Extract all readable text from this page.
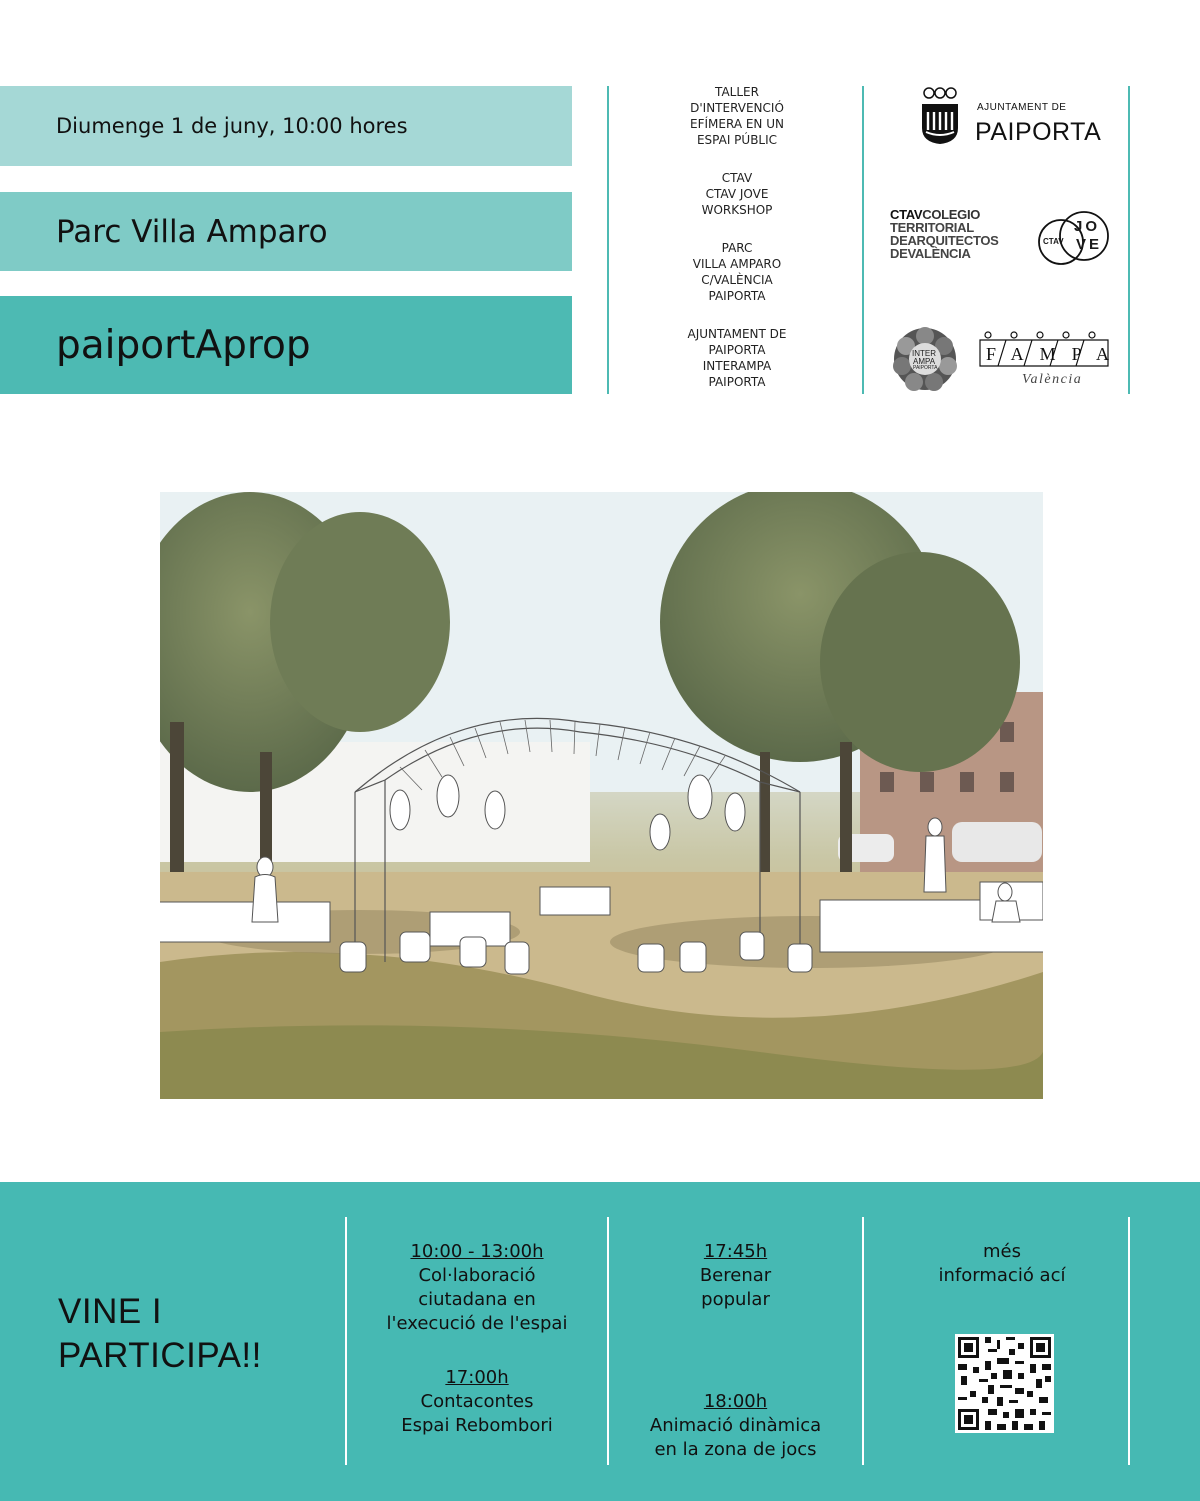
Diumenge 1 de juny, 10:00 hores
Parc Villa Amparo
paiportAprop
TALLER
D'INTERVENCIÓ
EFÍMERA EN UN
ESPAI PÚBLIC
CTAV
CTAV JOVE
WORKSHOP
PARC
VILLA AMPARO
C/VALÈNCIA
PAIPORTA
AJUNTAMENT DE
PAIPORTA
INTERAMPA
PAIPORTA
AJUNTAMENT DE
PAIPORTA
CTAVCOLEGIO
TERRITORIAL
DEARQUITECTOS
DEVALÈNCIA
CTAV
JO
VE
INTER
AMPA
PAIPORTA
FAMPA
València
VINE I
PARTICIPA!!
10:00 - 13:00h
Col·laboració
ciutadana en
l'execució de l'espai
17:00h
Contacontes
Espai Rebombori
17:45h
Berenar
popular
18:00h
Animació dinàmica
en la zona de jocs
més
informació ací
